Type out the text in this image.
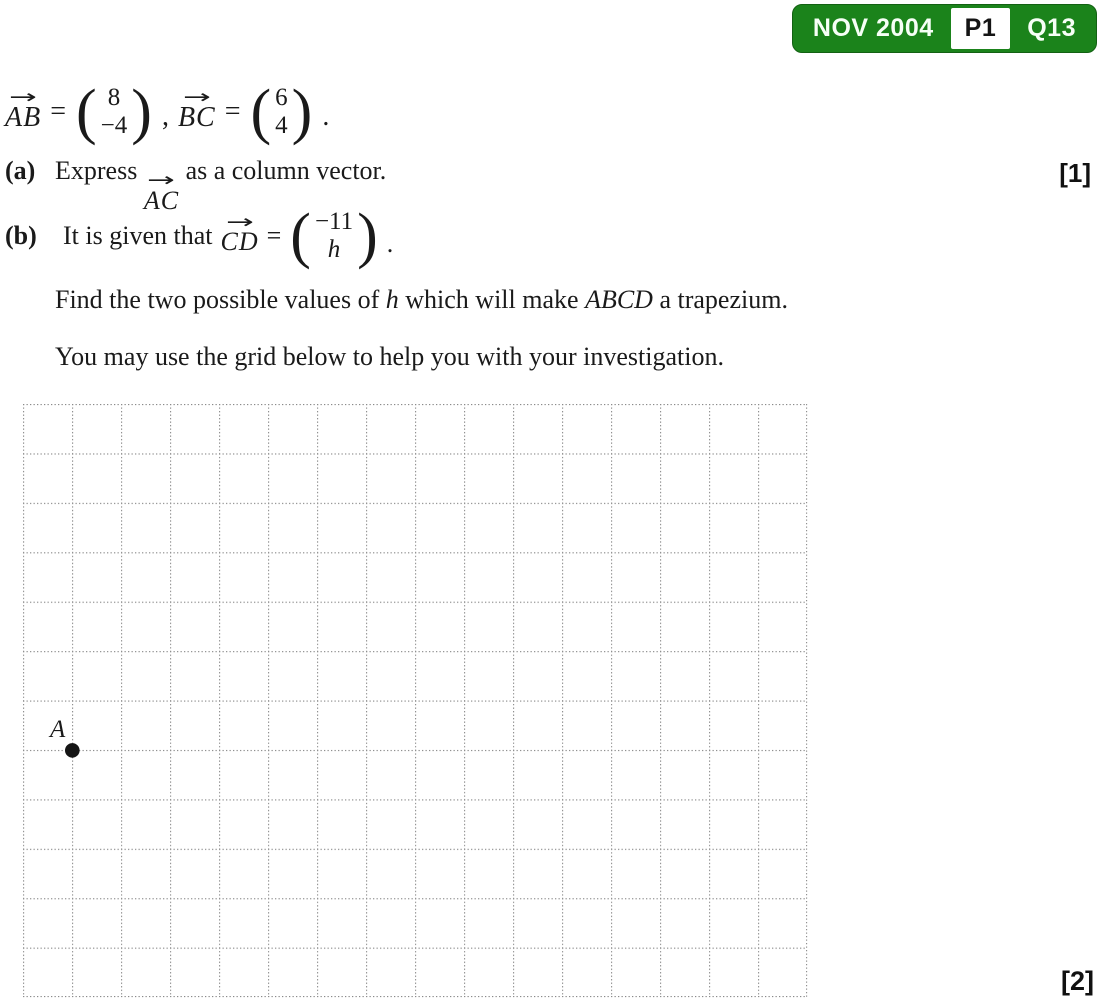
NOV 2004	P1	Q13
→
AB = ( 8
−4 ) ,
→
BC = ( 6
4 ) .
(a) Express →
AC
as a column vector.	[1]
(b)	It is given that →
CD = ( −11
h ) .
Find the two possible values of h which will make ABCD a trapezium.
You may use the grid below to help you with your investigation.
A
[2]
